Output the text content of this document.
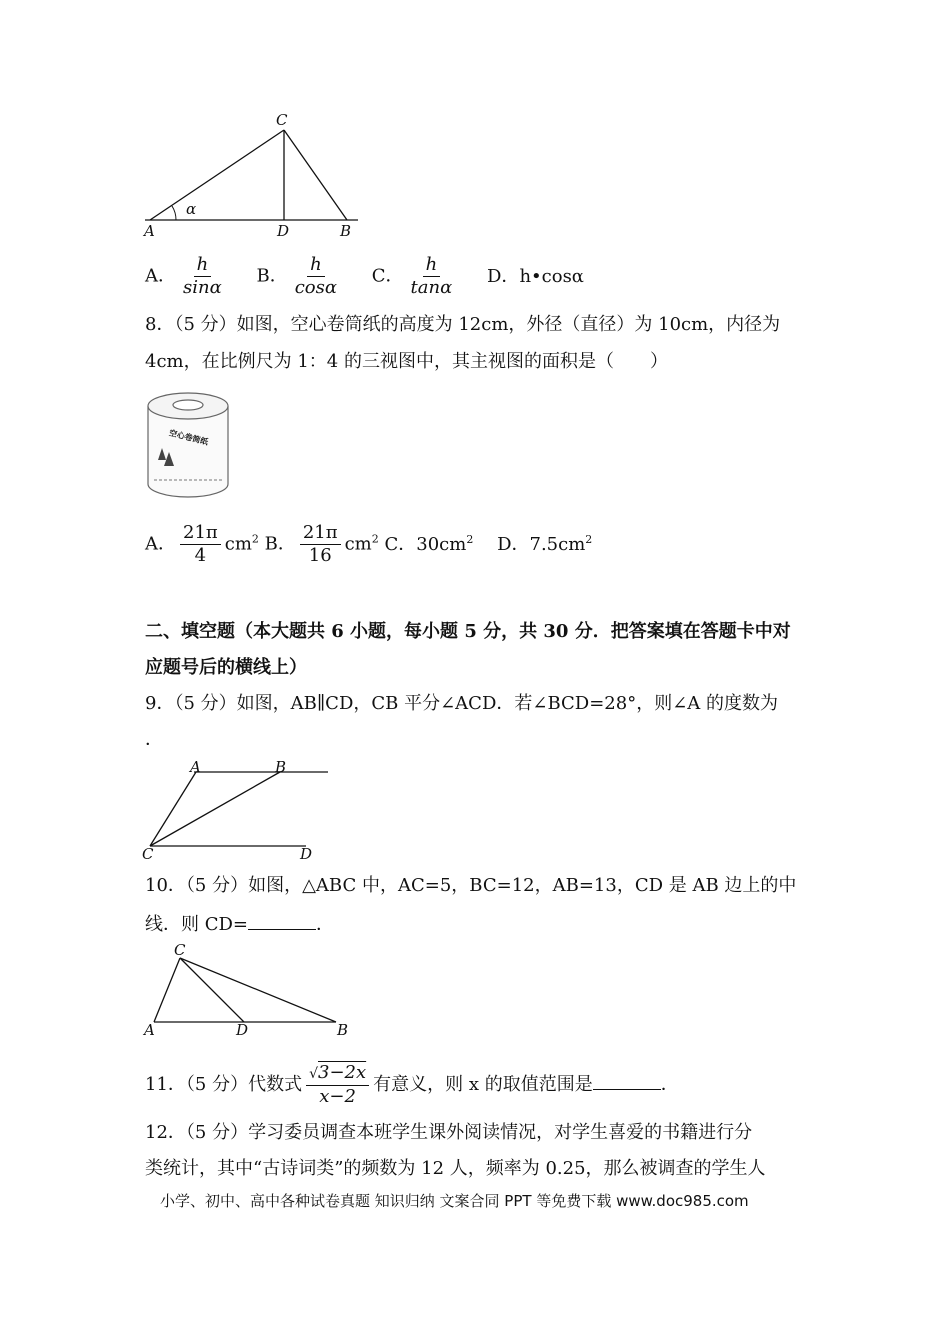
α
C
A	D	B
A． $\frac{h}{\sin\alpha}$ B． $\frac{h}{\cos\alpha}$ C． $\frac{h}{\tan\alpha}$ D．h•cosα
8．（5 分）如图，空心卷筒纸的高度为 12cm，外径（直径）为 10cm，内径为
4cm，在比例尺为 1：4 的三视图中，其主视图的面积是（　　）
空心卷筒纸
A． $\frac{21\pi}{4} cm^2$ B． $\frac{21\pi}{16} cm^2$ C．$30cm^2$ D．$7.5cm^2$
二、填空题（本大题共 6 小题，每小题 5 分，共 30 分．把答案填在答题卡中对
应题号后的横线上）
9．（5 分）如图，AB∥CD，CB 平分∠ACD．若∠BCD=28°，则∠A 的度数为
．
A	B
C	D
10．（5 分）如图，△ABC 中，AC=5，BC=12，AB=13，CD 是 AB 边上的中
线．则 CD=	．
C
A	D	B
11．（5 分）代数式 $\frac{√3-2x}{x-2}$ 有意义，则 x 的取值范围是	．
12．（5 分）学习委员调查本班学生课外阅读情况，对学生喜爱的书籍进行分
类统计，其中“古诗词类”的频数为 12 人，频率为 0.25，那么被调查的学生人
小学、初中、高中各种试卷真题 知识归纳 文案合同 PPT 等免费下载 www.doc985.com
